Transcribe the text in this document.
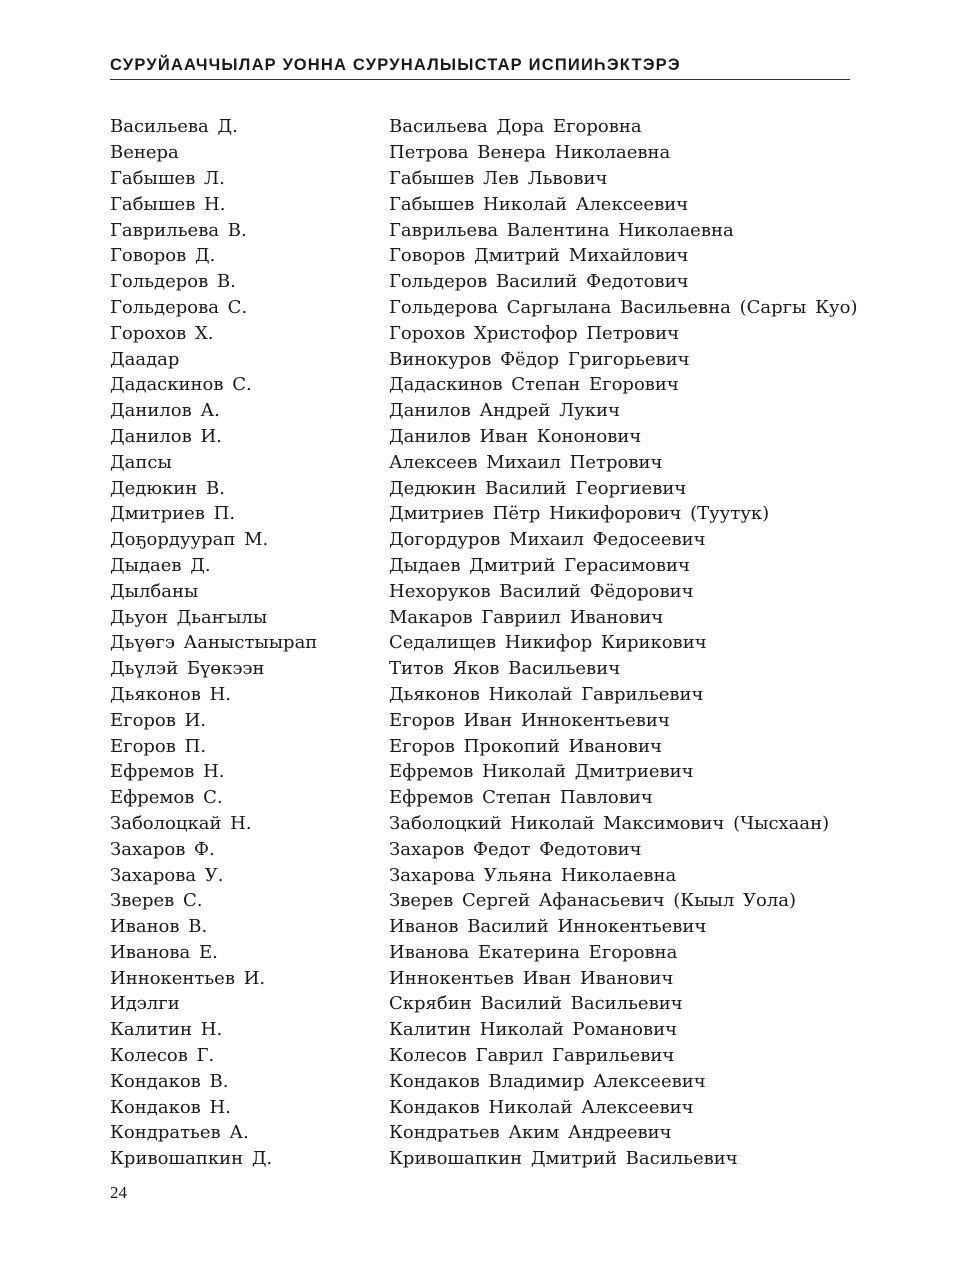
СУРУЙААЧЧЫЛАР УОННА СУРУНАЛЫЫСТАР ИСПИИҺЭКТЭРЭ
Васильева Д.	Васильева Дора Егоровна
Венера	Петрова Венера Николаевна
Габышев Л.	Габышев Лев Львович
Габышев Н.	Габышев Николай Алексеевич
Гаврильева В.	Гаврильева Валентина Николаевна
Говоров Д.	Говоров Дмитрий Михайлович
Гольдеров В.	Гольдеров Василий Федотович
Гольдерова С.	Гольдерова Саргылана Васильевна (Саргы Куо)
Горохов Х.	Горохов Христофор Петрович
Даадар	Винокуров Фёдор Григорьевич
Дадаскинов С.	Дадаскинов Степан Егорович
Данилов А.	Данилов Андрей Лукич
Данилов И.	Данилов Иван Кононович
Дапсы	Алексеев Михаил Петрович
Дедюкин В.	Дедюкин Василий Георгиевич
Дмитриев П.	Дмитриев Пётр Никифорович (Туутук)
Доҕордуурап М.	Догордуров Михаил Федосеевич
Дыдаев Д.	Дыдаев Дмитрий Герасимович
Дылбаны	Нехоруков Василий Фёдорович
Дьуон Дьаҥылы	Макаров Гавриил Иванович
Дьүөгэ Ааныстыырап	Седалищев Никифор Кирикович
Дьүлэй Бүөкээн	Титов Яков Васильевич
Дьяконов Н.	Дьяконов Николай Гаврильевич
Егоров И.	Егоров Иван Иннокентьевич
Егоров П.	Егоров Прокопий Иванович
Ефремов Н.	Ефремов Николай Дмитриевич
Ефремов С.	Ефремов Степан Павлович
Заболоцкай Н.	Заболоцкий Николай Максимович (Чысхаан)
Захаров Ф.	Захаров Федот Федотович
Захарова У.	Захарова Ульяна Николаевна
Зверев С.	Зверев Сергей Афанасьевич (Кыыл Уола)
Иванов В.	Иванов Василий Иннокентьевич
Иванова Е.	Иванова Екатерина Егоровна
Иннокентьев И.	Иннокентьев Иван Иванович
Идэлги	Скрябин Василий Васильевич
Калитин Н.	Калитин Николай Романович
Колесов Г.	Колесов Гаврил Гаврильевич
Кондаков В.	Кондаков Владимир Алексеевич
Кондаков Н.	Кондаков Николай Алексеевич
Кондратьев А.	Кондратьев Аким Андреевич
Кривошапкин Д.	Кривошапкин Дмитрий Васильевич
24
